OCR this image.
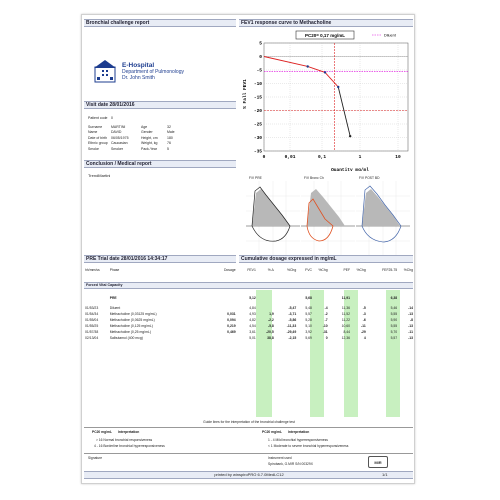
Bronchial challenge report	FEV1 response curve to Methacholine
E-Hospital
Department of Pulmonology
Dr. John Smith
Visit date 28/01/2016
Patient code	0
Surname	MARTINI	Age	32
Name	DAVID	Gender	Male
Date of birth	06/05/1975	Height, cm	180
Ethnic group Caucasian	Weight, kg	76
Smoke	Smoker	Pack-Year	5
Conclusion / Medical report
TrendMartini
5
0
-5
-10
-15
-20
-25
-30
-35
0	0,01	0,1	1	10
PC20= 0,17 mg/mL	Diluent
Quantity mg/ml
% Fall FEV1
F/V PRE	F/V Bronc Ch	F/V POST BD
PRE Trial date 28/01/2016 14:34:17	Cumulative dosage expressed in mg/mL
hh/mm/ss	Phase	Dosage	FEV1	% Δ	%Chg	FVC	%Chg	PEF	%Chg	FEF25-75	%Chg
Forced Vital Capacity
	PRE		5,12			5,68		11,91		6,38	

01/53/23	Diluent		4,84		-5,47	5,48	-4	11,36	-5	5,46	-14
01/54/34	Methacholine (0,03125 mg/mL)	0,031	4,93	1,9	-3,71	5,57	-2	11,52	-3	5,55	-13
01/55/04	Methacholine (0,0625 mg/mL)	0,094	4,82	-2,2	-5,86	5,28	-7	11,22	-6	5,90	-8
01/55/25	Methacholine (0,125 mg/mL)	0,219	4,54	-5,8	-11,33	5,10	-10	10,60	-11	5,55	-13
01/57/38	Methacholine (0,25 mg/mL)	0,469	3,61	-20,5	-29,49	3,92	-31	8,44	-29	5,70	-11
02/13/04	Salbutamol (400 mcg)		5,01	38,8	-2,15	5,69	0	12,36	4	5,57	-13
Guide lines for the interpretation of the bronchial challenge test
PC20 mg/mL Interpretation
> 16 Normal bronchial responsiveness
4 - 16 Borderline bronchial hyperresponsiveness
PC20 mg/mL Interpretation
1 - 4 Mild bronchial hyperresponsiveness
< 1 Moderate to severe bronchial hyperresponsiveness
Signature	Instrument used
Spirobank, G.MIR S/N 00329X	MIR
printed by winspiroPRO 6.7.0MedLC12	1/1
